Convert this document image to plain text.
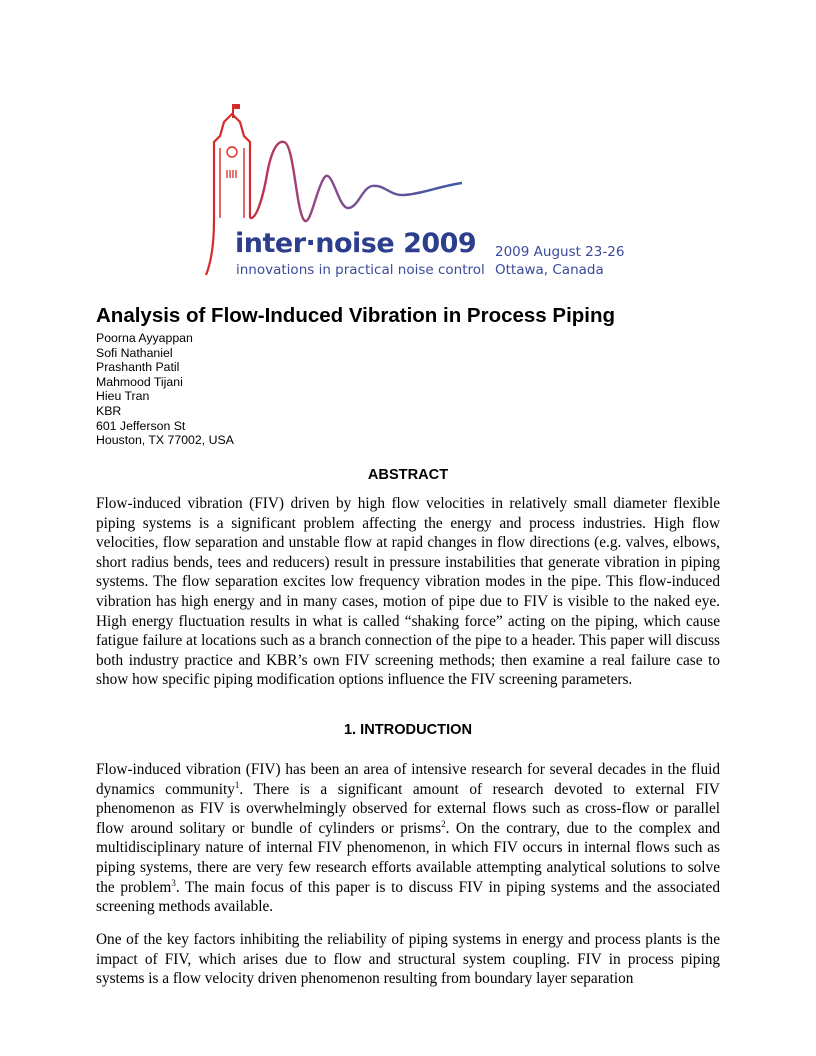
inter·noise 2009
innovations in practical noise control
2009 August 23-26
Ottawa, Canada
Analysis of Flow-Induced Vibration in Process Piping
Poorna Ayyappan
Sofi Nathaniel
Prashanth Patil
Mahmood Tijani
Hieu Tran
KBR
601 Jefferson St
Houston, TX 77002, USA
ABSTRACT
Flow-induced vibration (FIV) driven by high flow velocities in relatively small diameter flexible piping systems is a significant problem affecting the energy and process industries. High flow velocities, flow separation and unstable flow at rapid changes in flow directions (e.g. valves, elbows, short radius bends, tees and reducers) result in pressure instabilities that generate vibration in piping systems. The flow separation excites low frequency vibration modes in the pipe. This flow-induced vibration has high energy and in many cases, motion of pipe due to FIV is visible to the naked eye. High energy fluctuation results in what is called “shaking force” acting on the piping, which cause fatigue failure at locations such as a branch connection of the pipe to a header. This paper will discuss both industry practice and KBR’s own FIV screening methods; then examine a real failure case to show how specific piping modification options influence the FIV screening parameters.
1. INTRODUCTION
Flow-induced vibration (FIV) has been an area of intensive research for several decades in the fluid dynamics community$^1$. There is a significant amount of research devoted to external FIV phenomenon as FIV is overwhelmingly observed for external flows such as cross-flow or parallel flow around solitary or bundle of cylinders or prisms$^2$. On the contrary, due to the complex and multidisciplinary nature of internal FIV phenomenon, in which FIV occurs in internal flows such as piping systems, there are very few research efforts available attempting analytical solutions to solve the problem$^3$. The main focus of this paper is to discuss FIV in piping systems and the associated screening methods available.
One of the key factors inhibiting the reliability of piping systems in energy and process plants is the impact of FIV, which arises due to flow and structural system coupling. FIV in process piping systems is a flow velocity driven phenomenon resulting from boundary layer separation
